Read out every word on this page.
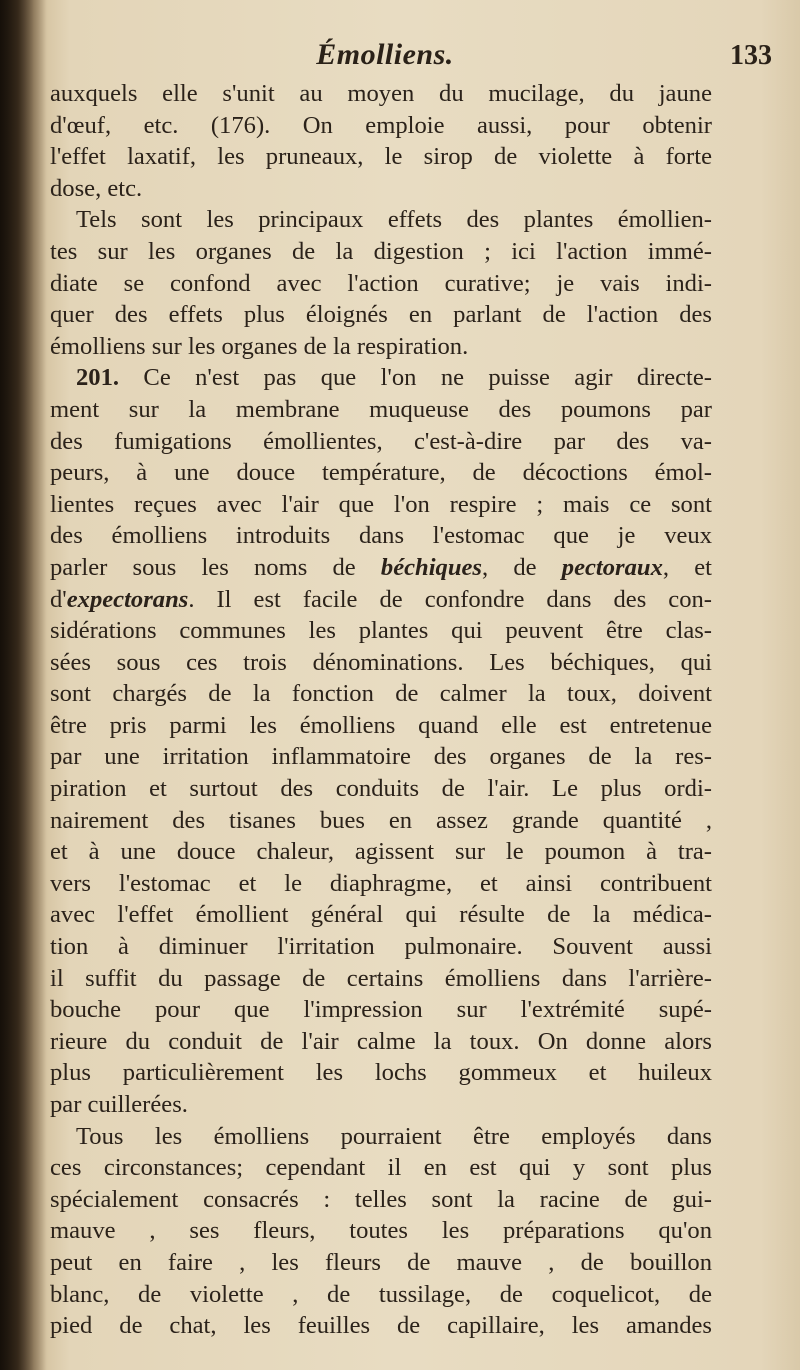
Émolliens.	133
auxquels elle s'unit au moyen du mucilage, du jaune
d'œuf, etc. (176). On emploie aussi, pour obtenir
l'effet laxatif, les pruneaux, le sirop de violette à forte
dose, etc.
Tels sont les principaux effets des plantes émollien-
tes sur les organes de la digestion ; ici l'action immé-
diate se confond avec l'action curative; je vais indi-
quer des effets plus éloignés en parlant de l'action des
émolliens sur les organes de la respiration.
201. Ce n'est pas que l'on ne puisse agir directe-
ment sur la membrane muqueuse des poumons par
des fumigations émollientes, c'est-à-dire par des va-
peurs, à une douce température, de décoctions émol-
lientes reçues avec l'air que l'on respire ; mais ce sont
des émolliens introduits dans l'estomac que je veux
parler sous les noms de béchiques, de pectoraux, et
d'expectorans. Il est facile de confondre dans des con-
sidérations communes les plantes qui peuvent être clas-
sées sous ces trois dénominations. Les béchiques, qui
sont chargés de la fonction de calmer la toux, doivent
être pris parmi les émolliens quand elle est entretenue
par une irritation inflammatoire des organes de la res-
piration et surtout des conduits de l'air. Le plus ordi-
nairement des tisanes bues en assez grande quantité ,
et à une douce chaleur, agissent sur le poumon à tra-
vers l'estomac et le diaphragme, et ainsi contribuent
avec l'effet émollient général qui résulte de la médica-
tion à diminuer l'irritation pulmonaire. Souvent aussi
il suffit du passage de certains émolliens dans l'arrière-
bouche pour que l'impression sur l'extrémité supé-
rieure du conduit de l'air calme la toux. On donne alors
plus particulièrement les lochs gommeux et huileux
par cuillerées.
Tous les émolliens pourraient être employés dans
ces circonstances; cependant il en est qui y sont plus
spécialement consacrés : telles sont la racine de gui-
mauve , ses fleurs, toutes les préparations qu'on
peut en faire , les fleurs de mauve , de bouillon
blanc, de violette , de tussilage, de coquelicot, de
pied de chat, les feuilles de capillaire, les amandes
